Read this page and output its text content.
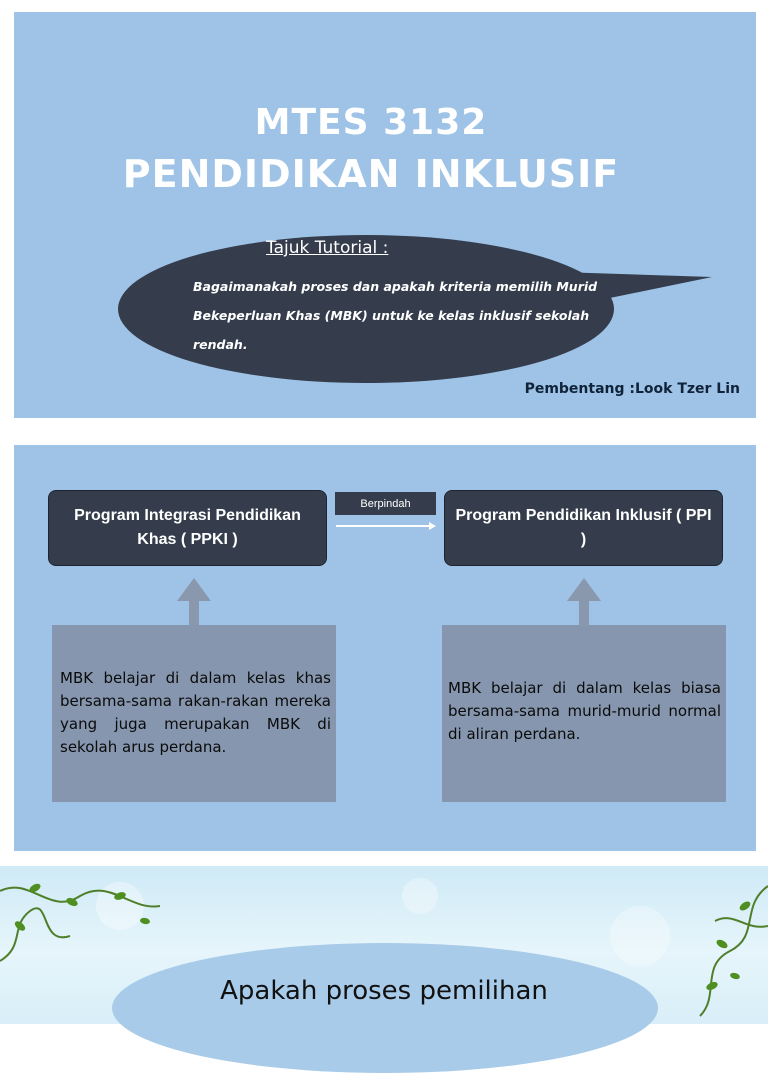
MTES 3132
PENDIDIKAN INKLUSIF
Tajuk Tutorial :
Bagaimanakah proses dan apakah kriteria memilih Murid Bekeperluan Khas (MBK) untuk ke kelas inklusif sekolah rendah.
Pembentang :Look Tzer Lin
Program Integrasi Pendidikan Khas ( PPKI )
Program Pendidikan Inklusif ( PPI )
Berpindah

MBK belajar di dalam kelas khas bersama-sama rakan-rakan mereka yang juga merupakan MBK di sekolah arus perdana.

MBK belajar di dalam kelas biasa bersama-sama murid-murid normal di aliran perdana.

Apakah proses pemilihan
